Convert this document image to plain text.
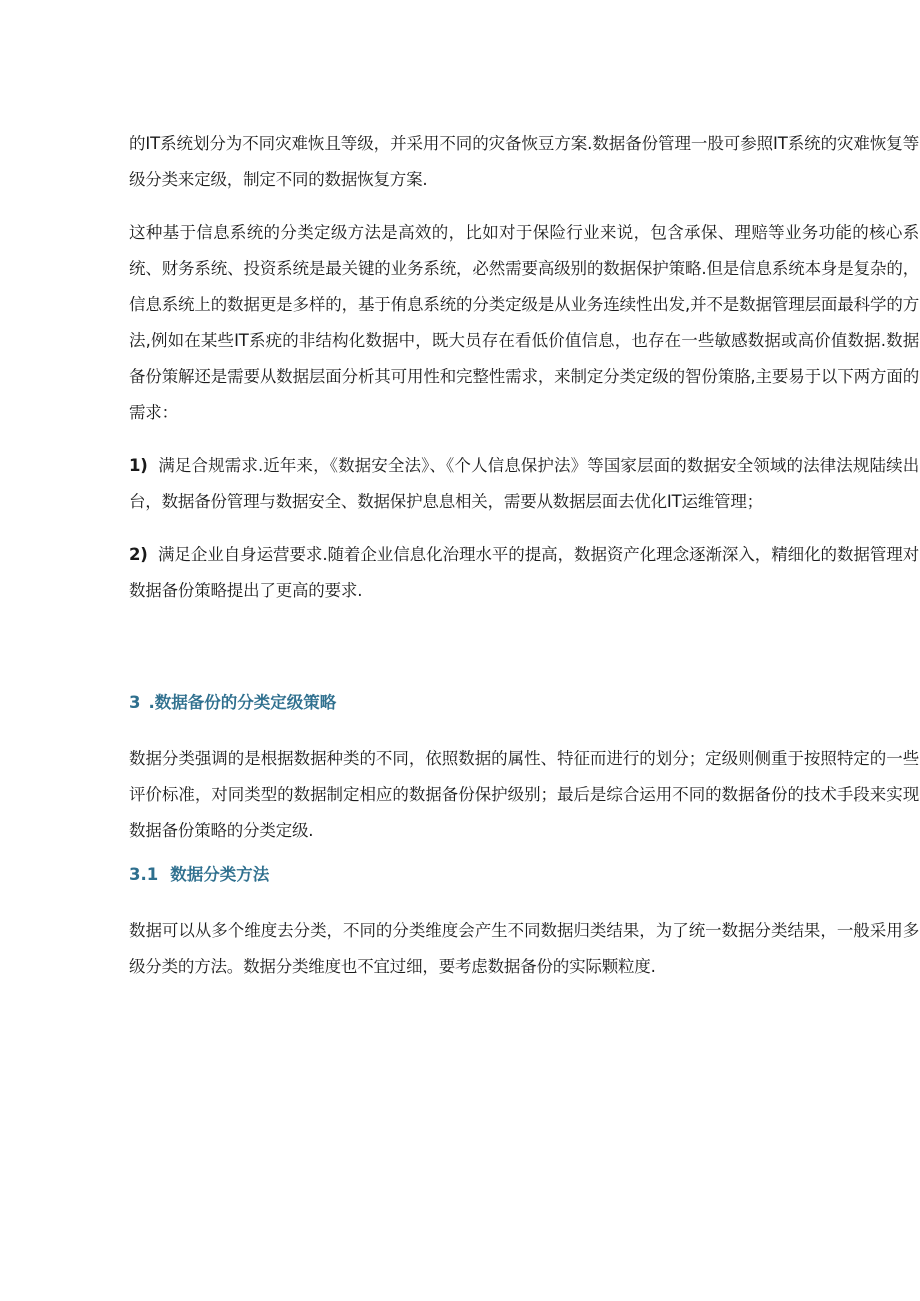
的IT系统划分为不同灾难恢且等级，并采用不同的灾备恢豆方案.数据备份管理一股可参照IT系统的灾难恢复等级分类来定级，制定不同的数据恢复方案.

这种基于信息系统的分类定级方法是高效的，比如对于保险行业来说，包含承保、理赔等业务功能的核心系统、财务系统、投资系统是最关键的业务系统，必然需要高级别的数据保护策略.但是信息系统本身是复杂的，信息系统上的数据更是多样的，基于侑息系统的分类定级是从业务连续性出发,并不是数据管理层面最科学的方法,例如在某些IT系疣的非结构化数据中，既大员存在看低价值信息，也存在一些敏感数据或高价值数据.数据备份策解还是需要从数据层面分析其可用性和完整性需求，来制定分类定级的智份策胳,主要易于以下两方面的需求：

1) 满足合规需求.近年来，《数据安全法》、《个人信息保护法》等国家层面的数据安全领域的法律法规陆续出台，数据备份管理与数据安全、数据保护息息相关，需要从数据层面去优化IT运维管理；

2) 满足企业自身运营要求.随着企业信息化治理水平的提高，数据资产化理念逐渐深入，精细化的数据管理对数据备份策略提出了更高的要求.

3 .数据备份的分类定级策略

数据分类强调的是根据数据种类的不同，依照数据的属性、特征而进行的划分；定级则侧重于按照特定的一些评价标准，对同类型的数据制定相应的数据备份保护级别；最后是综合运用不同的数据备份的技术手段来实现数据备份策略的分类定级.

3.1 数据分类方法

数据可以从多个维度去分类，不同的分类维度会产生不同数据归类结果，为了统一数据分类结果，一般采用多级分类的方法。数据分类维度也不宜过细，要考虑数据备份的实际颗粒度.
